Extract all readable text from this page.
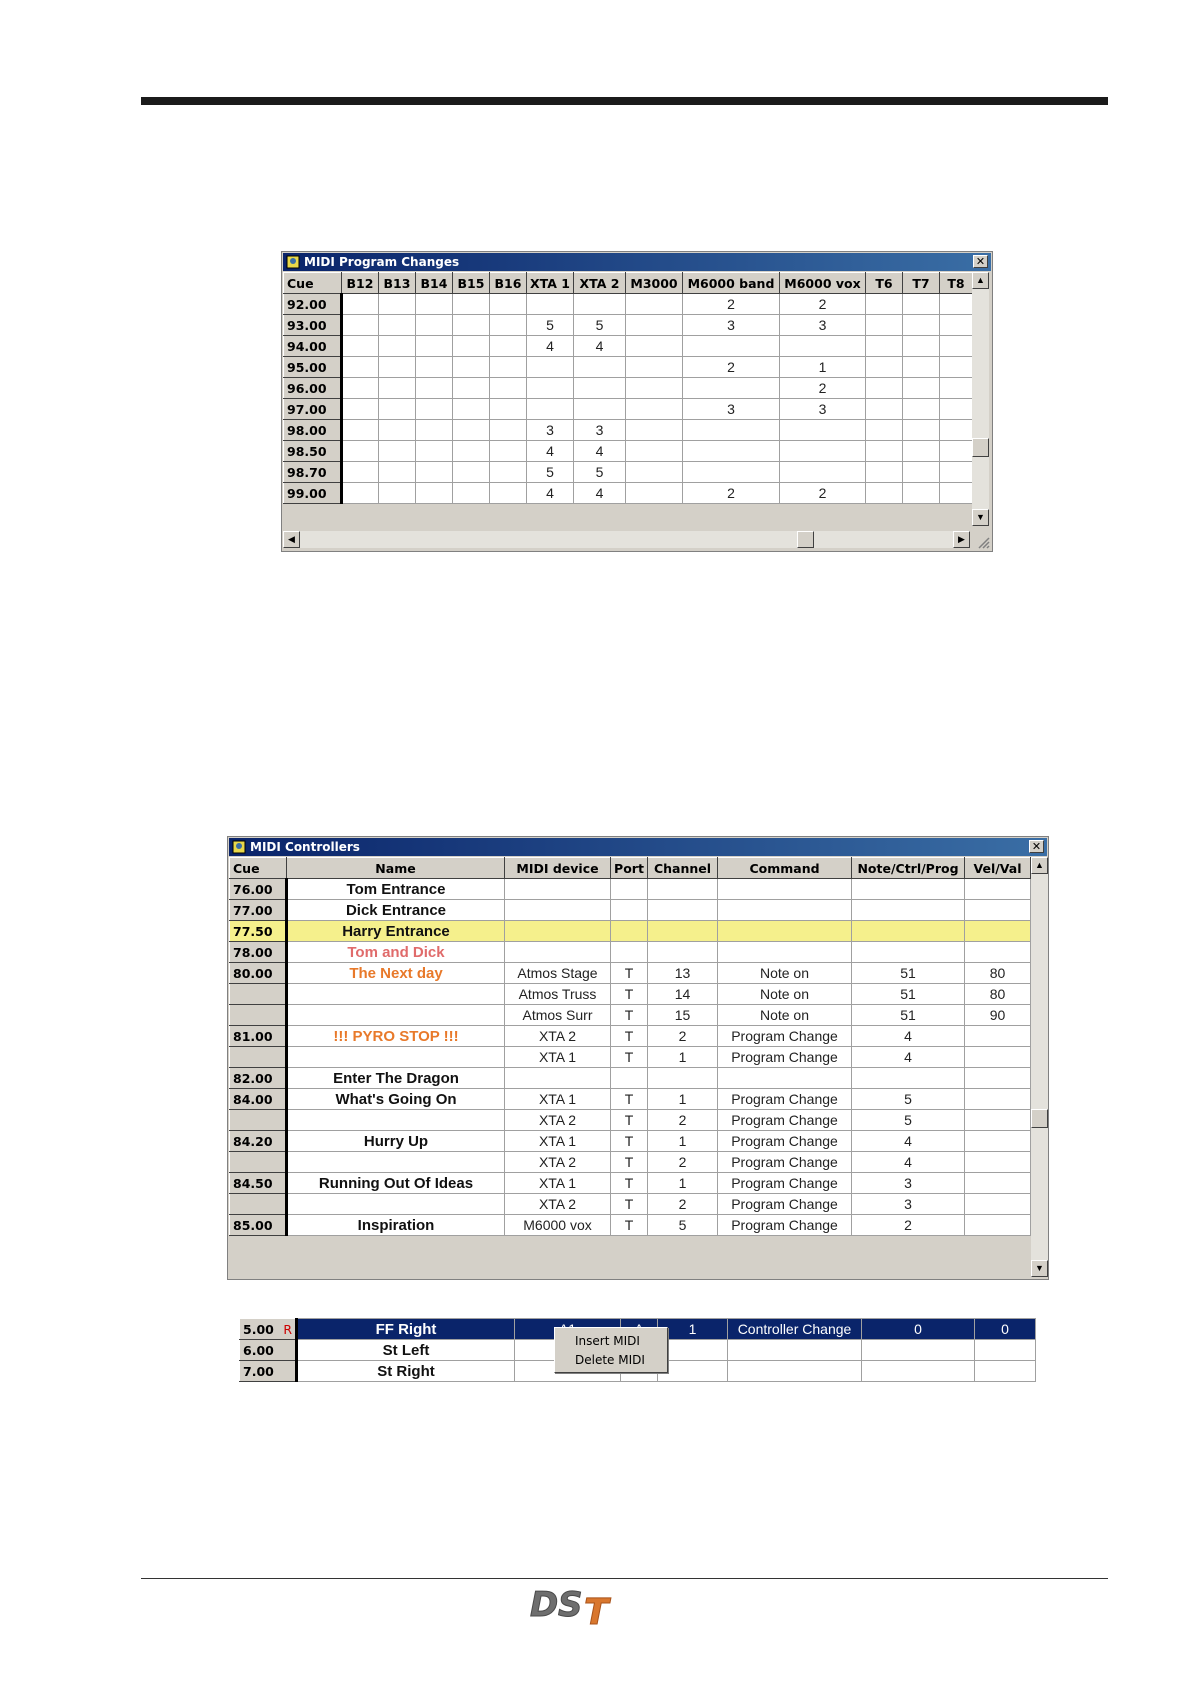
MIDI Program Changes	✕
Cue	B12	B13	B14	B15	B16	XTA 1	XTA 2	M3000	M6000 band	M6000 vox	T6	T7	T8
92.00									2	2			
93.00						5	5		3	3			
94.00						4	4						
95.00									2	1			
96.00										2			
97.00									3	3			
98.00						3	3						
98.50						4	4						
98.70						5	5						
99.00						4	4		2	2			
▲
▼
◀	▶
MIDI Controllers	✕
Cue	Name	MIDI device	Port	Channel	Command	Note/Ctrl/Prog	Vel/Val
76.00	Tom Entrance						
77.00	Dick Entrance						
77.50	Harry Entrance						
78.00	Tom and Dick						
80.00	The Next day	Atmos Stage	T	13	Note on	51	80
		Atmos Truss	T	14	Note on	51	80
		Atmos Surr	T	15	Note on	51	90
81.00	!!! PYRO STOP !!!	XTA 2	T	2	Program Change	4	
		XTA 1	T	1	Program Change	4	
82.00	Enter The Dragon						
84.00	What's Going On	XTA 1	T	1	Program Change	5	
		XTA 2	T	2	Program Change	5	
84.20	Hurry Up	XTA 1	T	1	Program Change	4	
		XTA 2	T	2	Program Change	4	
84.50	Running Out Of Ideas	XTA 1	T	1	Program Change	3	
		XTA 2	T	2	Program Change	3	
85.00	Inspiration	M6000 vox	T	5	Program Change	2	
▲
▼
5.00 R	FF Right			1	Controller Change	0	0
6.00	St Left						
7.00	St Right						
Insert MIDI
Delete MIDI
D S T
